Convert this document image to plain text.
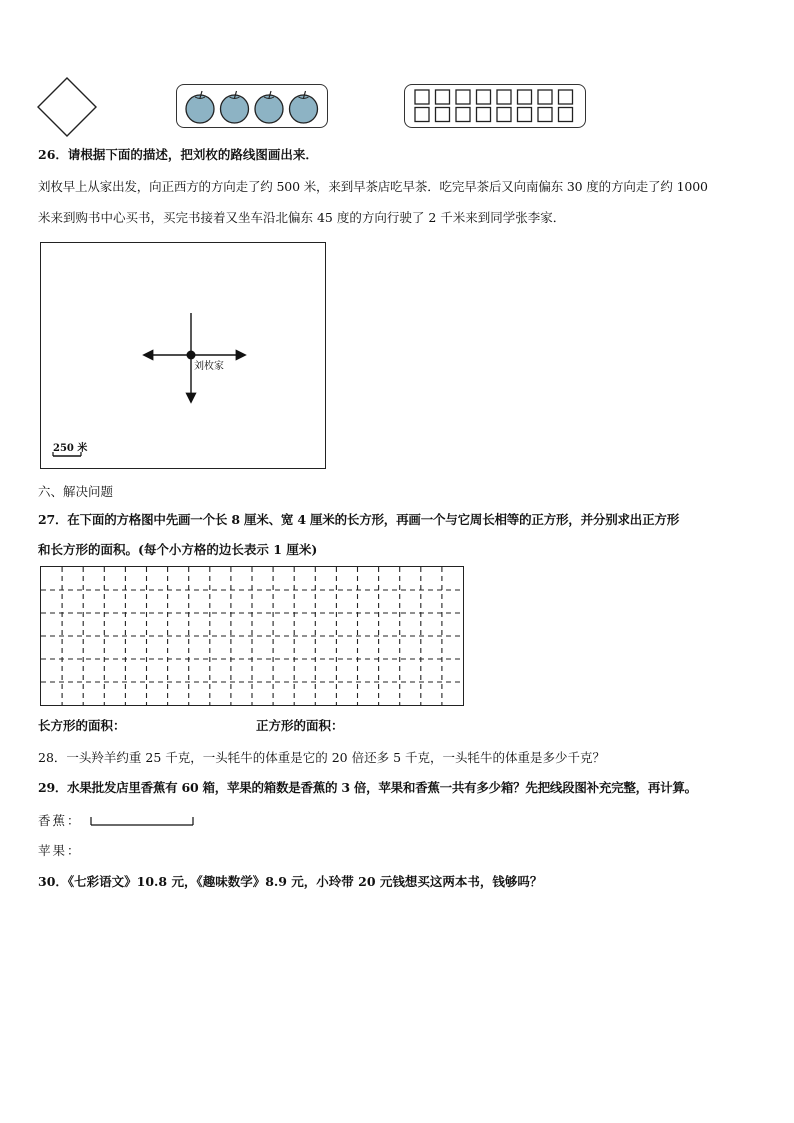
26．请根据下面的描述，把刘枚的路线图画出来．
刘枚早上从家出发，向正西方的方向走了约 500 米，来到早茶店吃早茶．吃完早茶后又向南偏东 30 度的方向走了约 1000
米来到购书中心买书，买完书接着又坐车沿北偏东 45 度的方向行驶了 2 千米来到同学张李家．
刘枚家
250 米
六、解决问题
27．在下面的方格图中先画一个长 8 厘米、宽 4 厘米的长方形，再画一个与它周长相等的正方形，并分别求出正方形
和长方形的面积。(每个小方格的边长表示 1 厘米)
长方形的面积：	正方形的面积：
28．一头羚羊约重 25 千克，一头牦牛的体重是它的 20 倍还多 5 千克，一头牦牛的体重是多少千克？
29．水果批发店里香蕉有 60 箱，苹果的箱数是香蕉的 3 倍，苹果和香蕉一共有多少箱？先把线段图补充完整，再计算。
香蕉：
苹果：
30．《七彩语文》10.8 元，《趣味数学》8.9 元，小玲带 20 元钱想买这两本书，钱够吗？
